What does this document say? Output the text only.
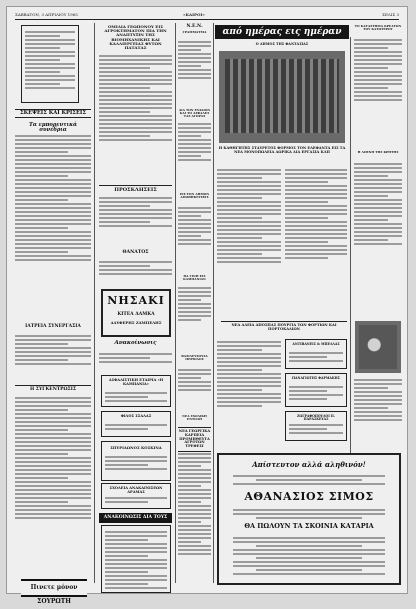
ΣΑΒΒΑΤΟΝ, 3 ΑΠΡΙΛΙΟΥ 1965	«ΚΑΙΡΟΙ»	ΣΕΛΙΣ 3
ΣΚΕΨΕΙΣ ΚΑΙ ΚΡΙΣΕΙΣ
Τα εμπορευτικά συνέδρια
ΙΑΤΡΕΙΑ ΣΥΝΕΡΓΑΣΙΑ
Η ΣΥΓΚΕΝΤΡΩΣΙΣ
Πινετε μόνον ΣΟΥΡΩΤΗ
ΟΜΙΛΙΑ ΓΕΩΠΟΝΟΥ ΕΙΣ ΑΓΡΟΚΤΗΜΑΤΟΝ ΠΙΑ ΤΗΝ ΑΝΑΠΤΥΞΙΝ ΤΗΣ ΒΙΟΜΗΧΑΝΙΚΗΣ ΚΑΙ ΚΑΛΛΙΕΡΓΕΙΑΣ ΦΥΤΩΝ ΠΑΤΑΤΑΣ
ΠΡΟΣΚΛΗΣΕΙΣ
ΘΑΝΑΤΟΣ
ΝΗΣΑΚΙ
ΚΙΤΕΑ ΔΑΜΚΑ
ΑΔΥΦΕΡΗΣ ΖΑΜΠΕΛΗΣ
Ανακοίνωσις
ΑΣΦΑΛΙΣΤΙΚΗ ΕΤΑΙΡΙΑ «Η ΚΑΜΠΑΝΙΑ»
ΦΙΛΟΣ ΣΣΑΛΑΣ
ΣΠΥΡΙΔΩΝΟΣ ΚΟΣΚΙΝΑ
ΣΧΟΛΕΙΑ ΑΝΑΚΑΙΝΙΣΕΩΝ ΔΡΑΜΑΣ
ΑΝΑΚΟΙΝΩΣΙΣ ΔΙΑ ΤΟΥΣ
Ν.Ε.Ν.
ΓΡΑΜΜΑΤΕΙΑ
ΔΙΑ ΤΟΝ ΕΝΙΑΙΟΝ ΚΑΙ ΤΟ ΑΣΦΑΛΕΣ ΤΑΣ ΑΓΟΡΑΣ
ΕΙΣ ΤΟΝ ΔΗΜΟΝ ΑΠΟΘΗΚΕΥΣΕΙΣ
ΘΑ ΓΙΝΗ ΕΙΣ ΚΑΜΠΑΝΙΑΝ
ΒΑΣΙΛΕΥΣΟΥΣΑ ΠΕΡΙΟΔΟΣ
ΝΕΑ ΣΧΟΛΙΚΗ ΕΝΤΟΛΗ
ΝΕΑ ΓΕΩΡΓΙΚΑ ΚΑΡΠΕΙΑ ΠΡΟΜΗΘΕΥΤΑ ΑΓΡΟΤΩΝ ΤΡΕΦΕΣΙ
από ημέρας εις ημέραν
Ο ΔΗΜΟΣ ΤΗΣ ΦΑΝΤΑΣΙΑΣ
Η ΚΑΘΗΓΗΤΗΣ ΣΤΑΥΡΕΤΟΣ ΦΟΡΜΟΣ ΤΟΝ ΕΛΕΦΑΝΤΑ ΕΙΣ ΤΑ ΝΕΑ ΜΟΝΟΠΩΛΕΙΑ ΔΩΡΙΚΑ ΔΙΑ ΕΡΓΑΣΙΑ ΚΛΠ
ΤΟ ΚΑΤΑΣΤΗΜΑ ΚΡΕΑΤΩΝ ΤΟΥ ΚΑΤΩΤΕΡΟΥ
Η ΛΙΜΝΗ ΤΗΣ ΚΡΗΤΗΣ
ΝΕΑ ΑΔΕΙΑ ΑΠΟΣΠΑΣ ΠΟΥΡΓΙΑ ΤΩΝ ΦΟΡΤΙΩΝ ΚΑΙ ΠΟΡΤΟΚΑΛΙΩΝ
ΑΝΤΙΒΑΝΕΙΣ & ΜΠΕΛΛΑΣ
ΠΑΝΑΓΙΩΤΗΣ ΦΑΡΜΑΚΗΣ
ΖΩΓΡΑΦΟΠΟΥΛΟΙ Π. ΠΑΡΑΣΚΕΥΑΣ
Απίστευτον αλλά αληθινόν!
ΑΘΑΝΑΣΙΟΣ ΣΙΜΟΣ
ΘΑ ΠΩΛΟΥΝ ΤΑ ΣΚΟΙΝΙΑ ΚΑΤΑΡΙΑ
